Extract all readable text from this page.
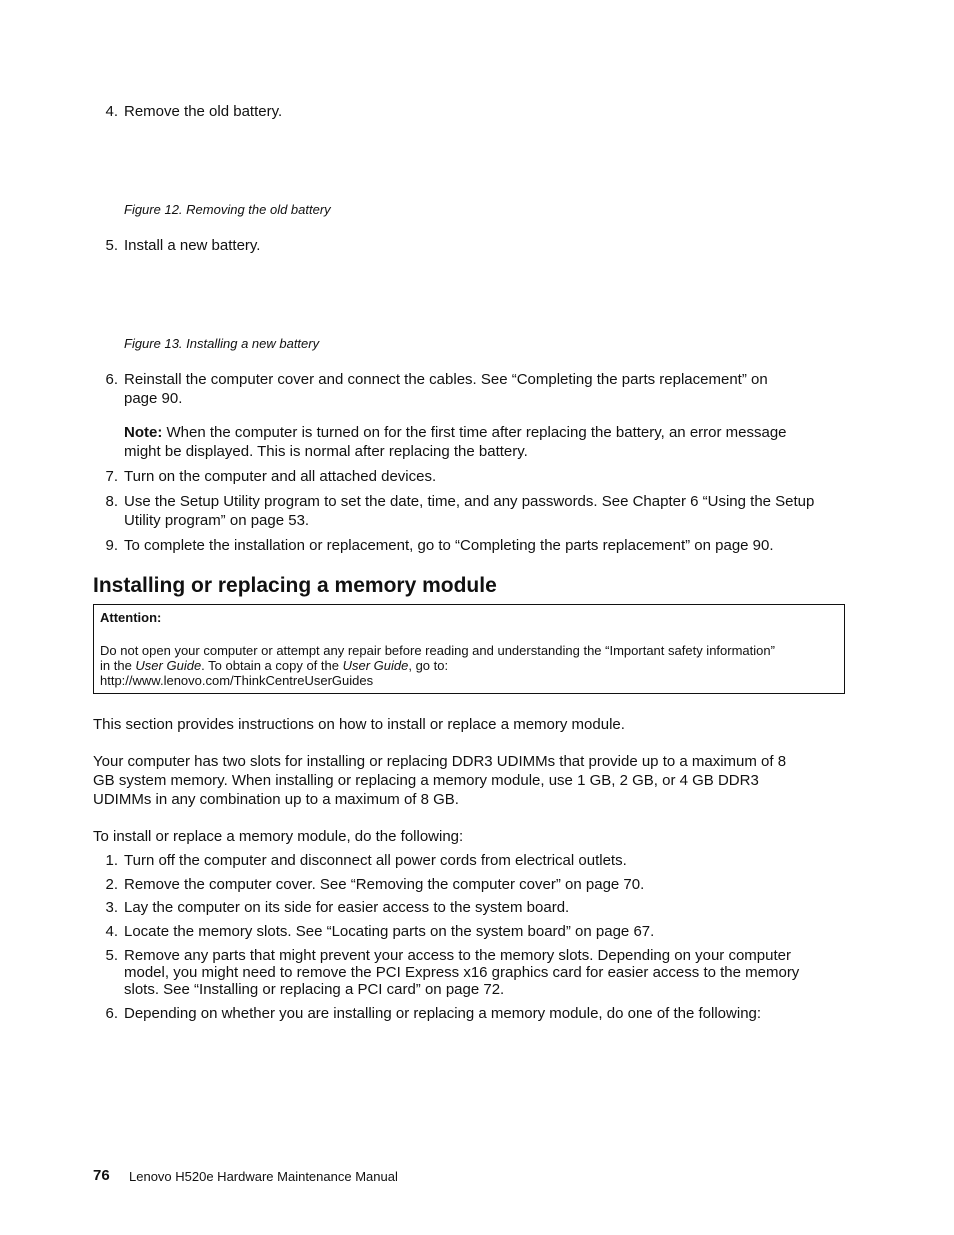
4. Remove the old battery.
Figure 12. Removing the old battery
5. Install a new battery.
Figure 13. Installing a new battery
6. Reinstall the computer cover and connect the cables. See “Completing the parts replacement” on
page 90.
Note: When the computer is turned on for the first time after replacing the battery, an error message
might be displayed. This is normal after replacing the battery.
7. Turn on the computer and all attached devices.
8. Use the Setup Utility program to set the date, time, and any passwords. See Chapter 6 “Using the Setup
Utility program” on page 53.
9. To complete the installation or replacement, go to “Completing the parts replacement” on page 90.
Installing or replacing a memory module
Attention:
Do not open your computer or attempt any repair before reading and understanding the “Important safety information”
in the User Guide. To obtain a copy of the User Guide, go to:
http://www.lenovo.com/ThinkCentreUserGuides
This section provides instructions on how to install or replace a memory module.
Your computer has two slots for installing or replacing DDR3 UDIMMs that provide up to a maximum of 8
GB system memory. When installing or replacing a memory module, use 1 GB, 2 GB, or 4 GB DDR3
UDIMMs in any combination up to a maximum of 8 GB.
To install or replace a memory module, do the following:
1. Turn off the computer and disconnect all power cords from electrical outlets.
2. Remove the computer cover. See “Removing the computer cover” on page 70.
3. Lay the computer on its side for easier access to the system board.
4. Locate the memory slots. See “Locating parts on the system board” on page 67.
5. Remove any parts that might prevent your access to the memory slots. Depending on your computer
model, you might need to remove the PCI Express x16 graphics card for easier access to the memory
slots. See “Installing or replacing a PCI card” on page 72.
6. Depending on whether you are installing or replacing a memory module, do one of the following:
76 Lenovo H520e Hardware Maintenance Manual
